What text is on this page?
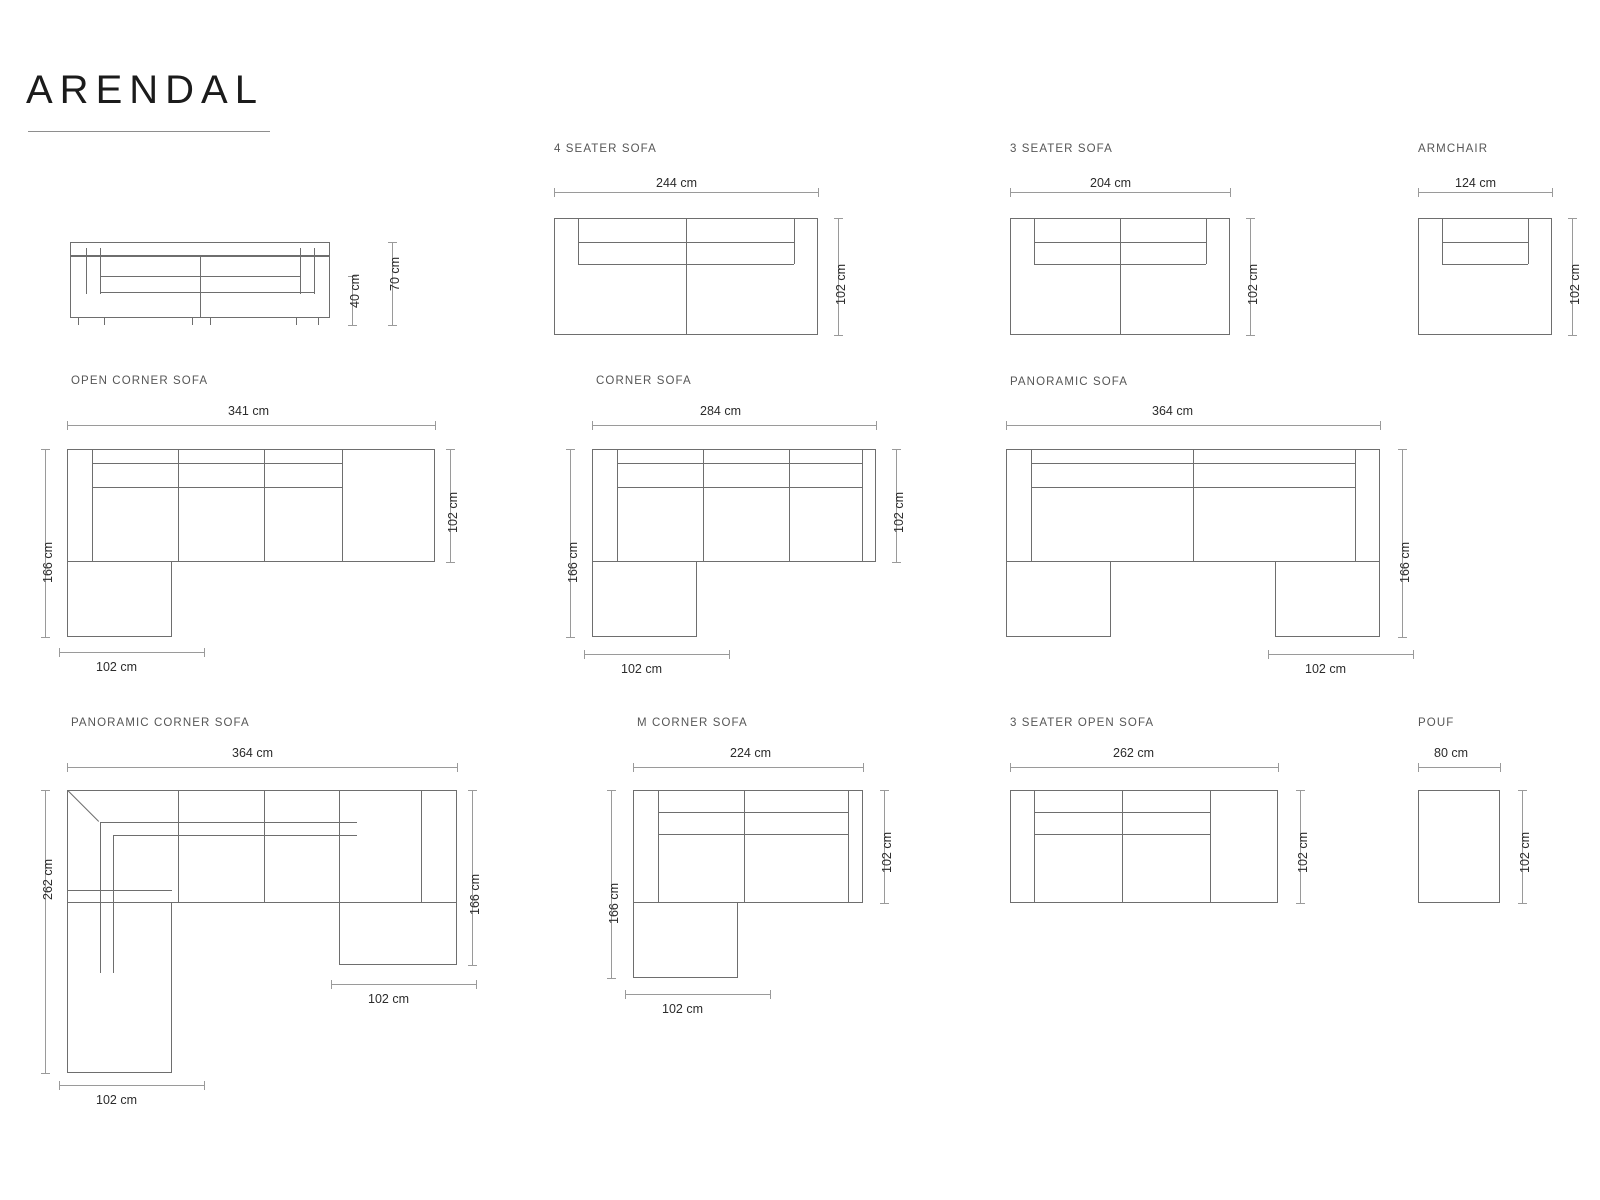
ARENDAL
40 cm 70 cm
4 SEATER SOFA
244 cm
102 cm
3 SEATER SOFA
204 cm
102 cm
ARMCHAIR
124 cm
102 cm
OPEN CORNER SOFA
341 cm
102 cm
166 cm
102 cm
CORNER SOFA
284 cm
102 cm
166 cm
102 cm
PANORAMIC SOFA
364 cm
166 cm
102 cm
PANORAMIC CORNER SOFA
364 cm
166 cm
262 cm
102 cm
102 cm
M CORNER SOFA
224 cm
102 cm
166 cm
102 cm
3 SEATER OPEN SOFA
262 cm
102 cm
POUF
80 cm
102 cm
